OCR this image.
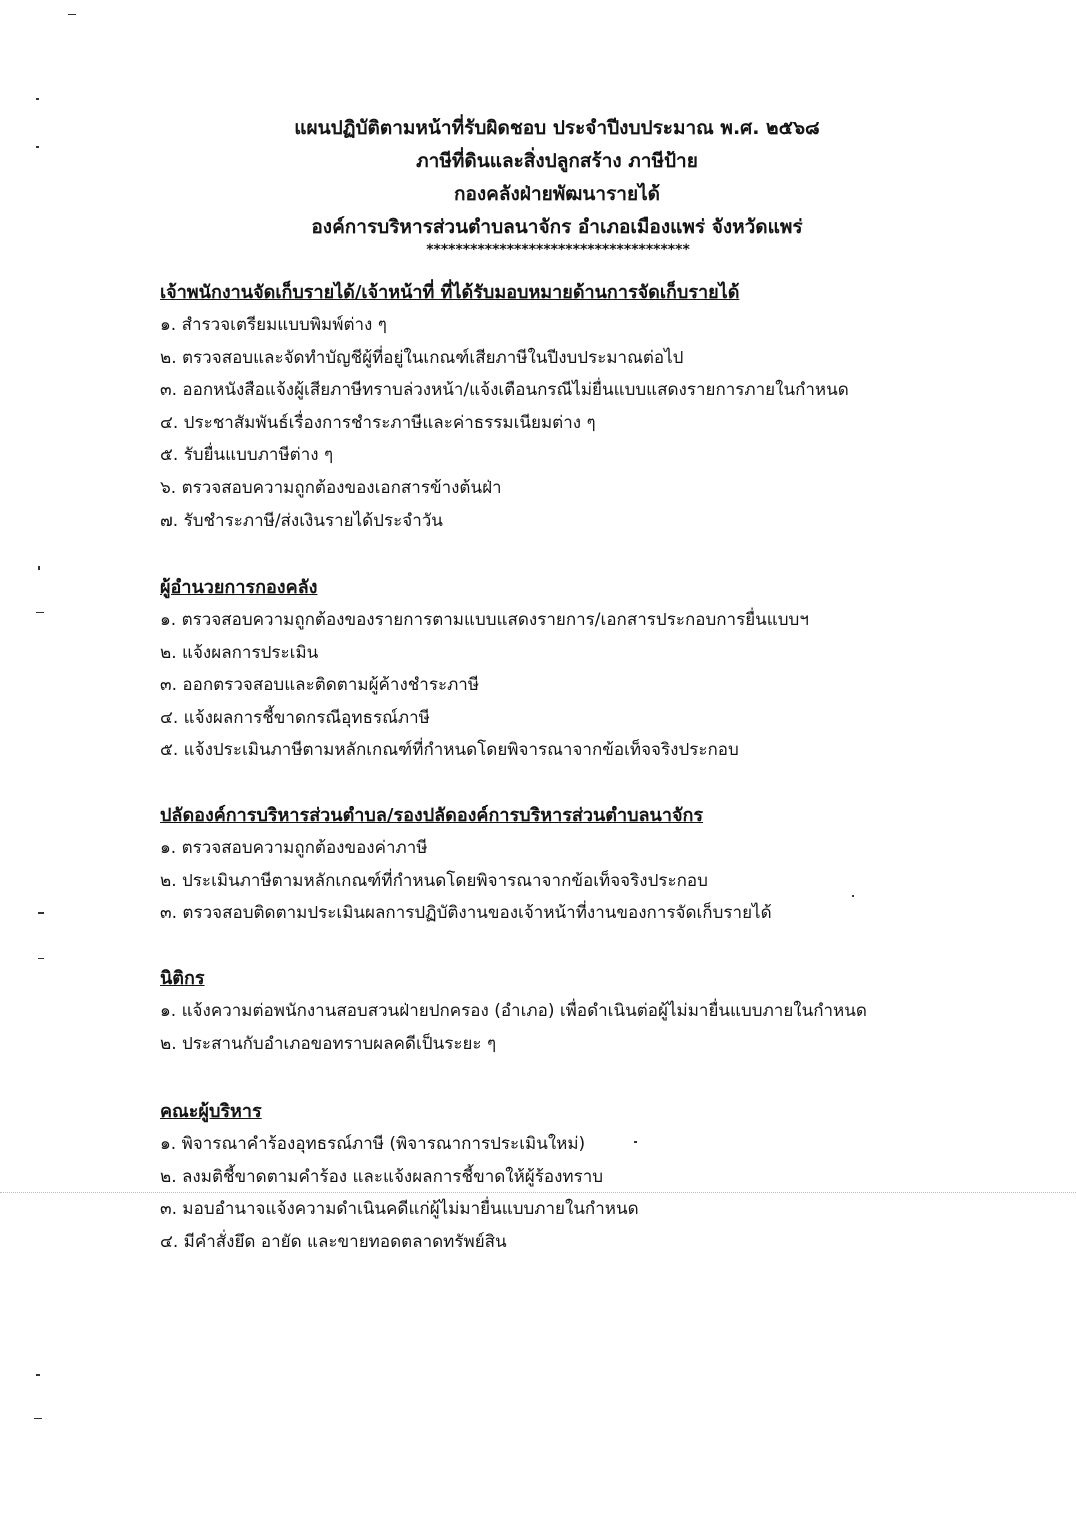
แผนปฏิบัติตามหน้าที่รับผิดชอบ ประจำปีงบประมาณ พ.ศ. ๒๕๖๘
ภาษีที่ดินและสิ่งปลูกสร้าง ภาษีป้าย
กองคลังฝ่ายพัฒนารายได้
องค์การบริหารส่วนตำบลนาจักร อำเภอเมืองแพร่ จังหวัดแพร่
************************************
เจ้าพนักงานจัดเก็บรายได้/เจ้าหน้าที่ ที่ได้รับมอบหมายด้านการจัดเก็บรายได้
๑. สำรวจเตรียมแบบพิมพ์ต่าง ๆ
๒. ตรวจสอบและจัดทำบัญชีผู้ที่อยู่ในเกณฑ์เสียภาษีในปีงบประมาณต่อไป
๓. ออกหนังสือแจ้งผู้เสียภาษีทราบล่วงหน้า/แจ้งเตือนกรณีไม่ยื่นแบบแสดงรายการภายในกำหนด
๔. ประชาสัมพันธ์เรื่องการชำระภาษีและค่าธรรมเนียมต่าง ๆ
๕. รับยื่นแบบภาษีต่าง ๆ
๖. ตรวจสอบความถูกต้องของเอกสารข้างต้นฝ่า
๗. รับชำระภาษี/ส่งเงินรายได้ประจำวัน
ผู้อำนวยการกองคลัง
๑. ตรวจสอบความถูกต้องของรายการตามแบบแสดงรายการ/เอกสารประกอบการยื่นแบบฯ
๒. แจ้งผลการประเมิน
๓. ออกตรวจสอบและติดตามผู้ค้างชำระภาษี
๔. แจ้งผลการชี้ขาดกรณีอุทธรณ์ภาษี
๕. แจ้งประเมินภาษีตามหลักเกณฑ์ที่กำหนดโดยพิจารณาจากข้อเท็จจริงประกอบ
ปลัดองค์การบริหารส่วนตำบล/รองปลัดองค์การบริหารส่วนตำบลนาจักร
๑. ตรวจสอบความถูกต้องของค่าภาษี
๒. ประเมินภาษีตามหลักเกณฑ์ที่กำหนดโดยพิจารณาจากข้อเท็จจริงประกอบ
๓. ตรวจสอบติดตามประเมินผลการปฏิบัติงานของเจ้าหน้าที่งานของการจัดเก็บรายได้
นิติกร
๑. แจ้งความต่อพนักงานสอบสวนฝ่ายปกครอง (อำเภอ) เพื่อดำเนินต่อผู้ไม่มายื่นแบบภายในกำหนด
๒. ประสานกับอำเภอขอทราบผลคดีเป็นระยะ ๆ
คณะผู้บริหาร
๑. พิจารณาคำร้องอุทธรณ์ภาษี (พิจารณาการประเมินใหม่)
๒. ลงมติชี้ขาดตามคำร้อง และแจ้งผลการชี้ขาดให้ผู้ร้องทราบ
๓. มอบอำนาจแจ้งความดำเนินคดีแก่ผู้ไม่มายื่นแบบภายในกำหนด
๔. มีคำสั่งยึด อายัด และขายทอดตลาดทรัพย์สิน
